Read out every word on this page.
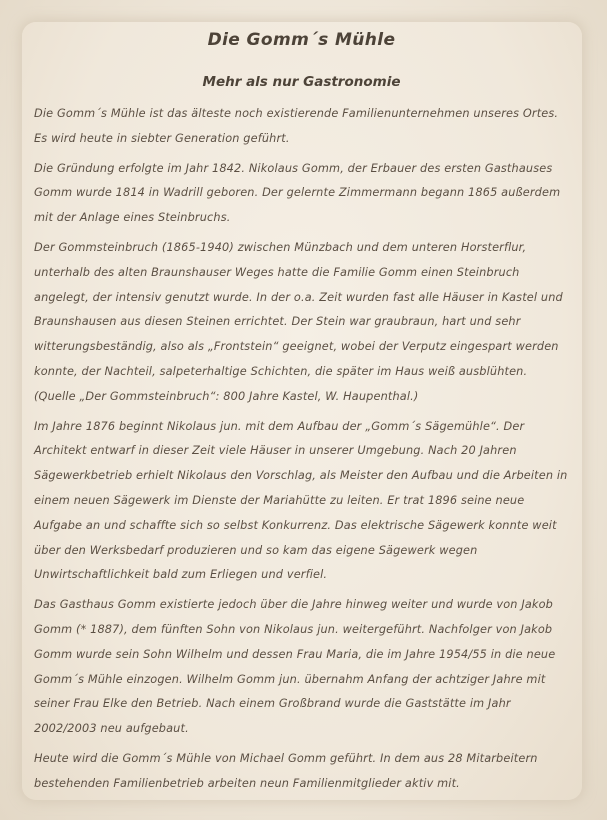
Die Gomm´s Mühle
Mehr als nur Gastronomie

Die Gomm´s Mühle ist das älteste noch existierende Familienunternehmen unseres Ortes. Es wird heute in siebter Generation geführt.

Die Gründung erfolgte im Jahr 1842. Nikolaus Gomm, der Erbauer des ersten Gasthauses Gomm wurde 1814 in Wadrill geboren. Der gelernte Zimmermann begann 1865 außerdem mit der Anlage eines Steinbruchs.

Der Gommsteinbruch (1865-1940) zwischen Münzbach und dem unteren Horsterflur, unterhalb des alten Braunshauser Weges hatte die Familie Gomm einen Steinbruch angelegt, der intensiv genutzt wurde. In der o.a. Zeit wurden fast alle Häuser in Kastel und Braunshausen aus diesen Steinen errichtet. Der Stein war graubraun, hart und sehr witterungsbeständig, also als „Frontstein“ geeignet, wobei der Verputz eingespart werden konnte, der Nachteil, salpeterhaltige Schichten, die später im Haus weiß ausblühten. (Quelle „Der Gommsteinbruch“: 800 Jahre Kastel, W. Haupenthal.)

Im Jahre 1876 beginnt Nikolaus jun. mit dem Aufbau der „Gomm´s Sägemühle“. Der Architekt entwarf in dieser Zeit viele Häuser in unserer Umgebung. Nach 20 Jahren Sägewerkbetrieb erhielt Nikolaus den Vorschlag, als Meister den Aufbau und die Arbeiten in einem neuen Sägewerk im Dienste der Mariahütte zu leiten. Er trat 1896 seine neue Aufgabe an und schaffte sich so selbst Konkurrenz. Das elektrische Sägewerk konnte weit über den Werksbedarf produzieren und so kam das eigene Sägewerk wegen Unwirtschaftlichkeit bald zum Erliegen und verfiel.

Das Gasthaus Gomm existierte jedoch über die Jahre hinweg weiter und wurde von Jakob Gomm (* 1887), dem fünften Sohn von Nikolaus jun. weitergeführt. Nachfolger von Jakob Gomm wurde sein Sohn Wilhelm und dessen Frau Maria, die im Jahre 1954/55 in die neue Gomm´s Mühle einzogen. Wilhelm Gomm jun. übernahm Anfang der achtziger Jahre mit seiner Frau Elke den Betrieb. Nach einem Großbrand wurde die Gaststätte im Jahr 2002/2003 neu aufgebaut.

Heute wird die Gomm´s Mühle von Michael Gomm geführt. In dem aus 28 Mitarbeitern bestehenden Familienbetrieb arbeiten neun Familienmitglieder aktiv mit.
